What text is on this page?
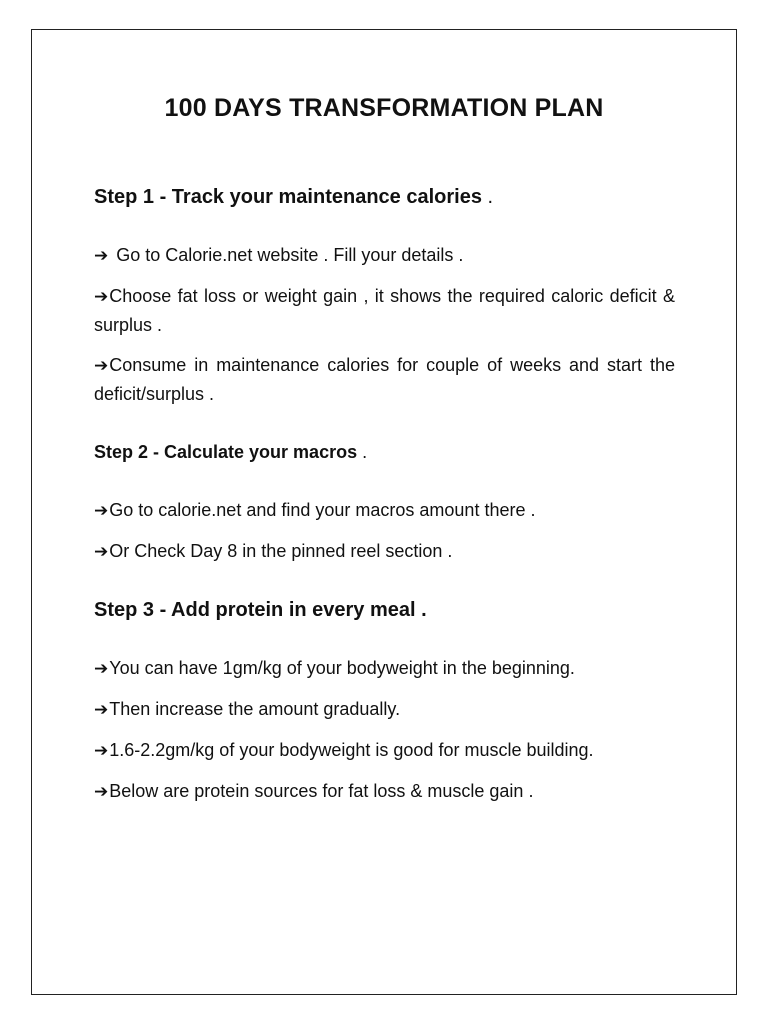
100 DAYS TRANSFORMATION PLAN

Step 1 - Track your maintenance calories .

➔ Go to Calorie.net website . Fill your details .

➔Choose fat loss or weight gain , it shows the required caloric deficit & surplus .

➔Consume in maintenance calories for couple of weeks and start the deficit/surplus .

Step 2 - Calculate your macros .

➔Go to calorie.net and find your macros amount there .

➔Or Check Day 8 in the pinned reel section .

Step 3 - Add protein in every meal .

➔You can have 1gm/kg of your bodyweight in the beginning.

➔Then increase the amount gradually.

➔1.6-2.2gm/kg of your bodyweight is good for muscle building.

➔Below are protein sources for fat loss & muscle gain .
